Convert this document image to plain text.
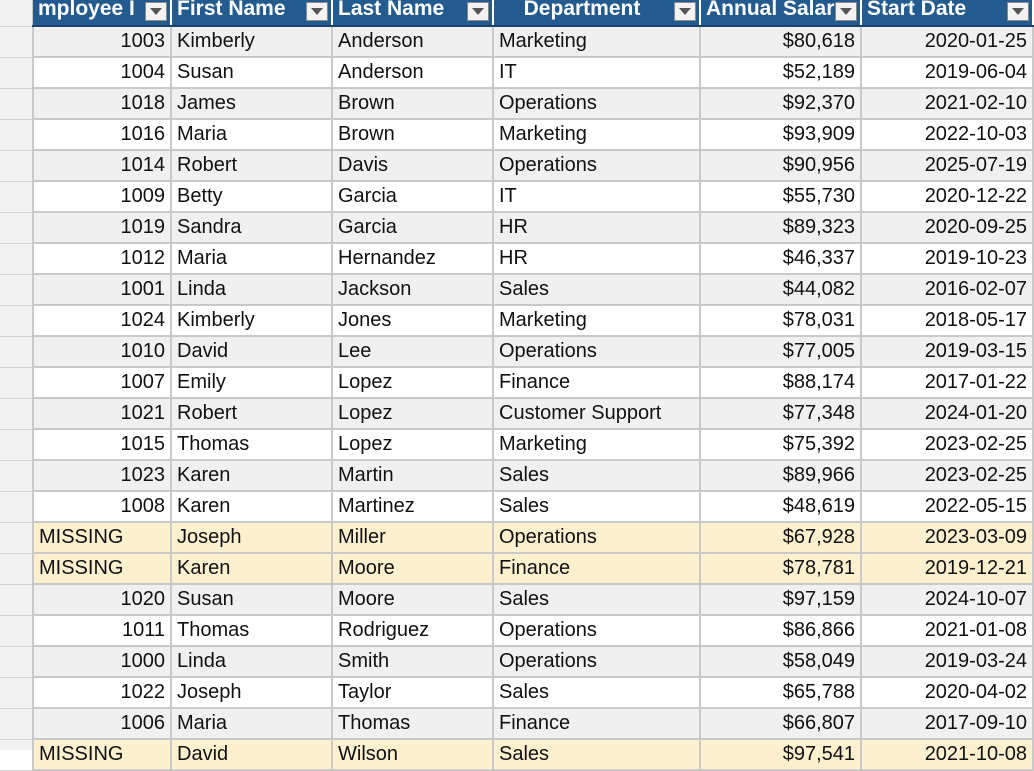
mployee I	First Name	Last Name	Department	Annual Salar	Start Date

1003	Kimberly	Anderson	Marketing	$80,618	2020-01-25
1004	Susan	Anderson	IT	$52,189	2019-06-04
1018	James	Brown	Operations	$92,370	2021-02-10
1016	Maria	Brown	Marketing	$93,909	2022-10-03
1014	Robert	Davis	Operations	$90,956	2025-07-19
1009	Betty	Garcia	IT	$55,730	2020-12-22
1019	Sandra	Garcia	HR	$89,323	2020-09-25
1012	Maria	Hernandez	HR	$46,337	2019-10-23
1001	Linda	Jackson	Sales	$44,082	2016-02-07
1024	Kimberly	Jones	Marketing	$78,031	2018-05-17
1010	David	Lee	Operations	$77,005	2019-03-15
1007	Emily	Lopez	Finance	$88,174	2017-01-22
1021	Robert	Lopez	Customer Support	$77,348	2024-01-20
1015	Thomas	Lopez	Marketing	$75,392	2023-02-25
1023	Karen	Martin	Sales	$89,966	2023-02-25
1008	Karen	Martinez	Sales	$48,619	2022-05-15
MISSING	Joseph	Miller	Operations	$67,928	2023-03-09
MISSING	Karen	Moore	Finance	$78,781	2019-12-21
1020	Susan	Moore	Sales	$97,159	2024-10-07
1011	Thomas	Rodriguez	Operations	$86,866	2021-01-08
1000	Linda	Smith	Operations	$58,049	2019-03-24
1022	Joseph	Taylor	Sales	$65,788	2020-04-02
1006	Maria	Thomas	Finance	$66,807	2017-09-10
MISSING	David	Wilson	Sales	$97,541	2021-10-08
